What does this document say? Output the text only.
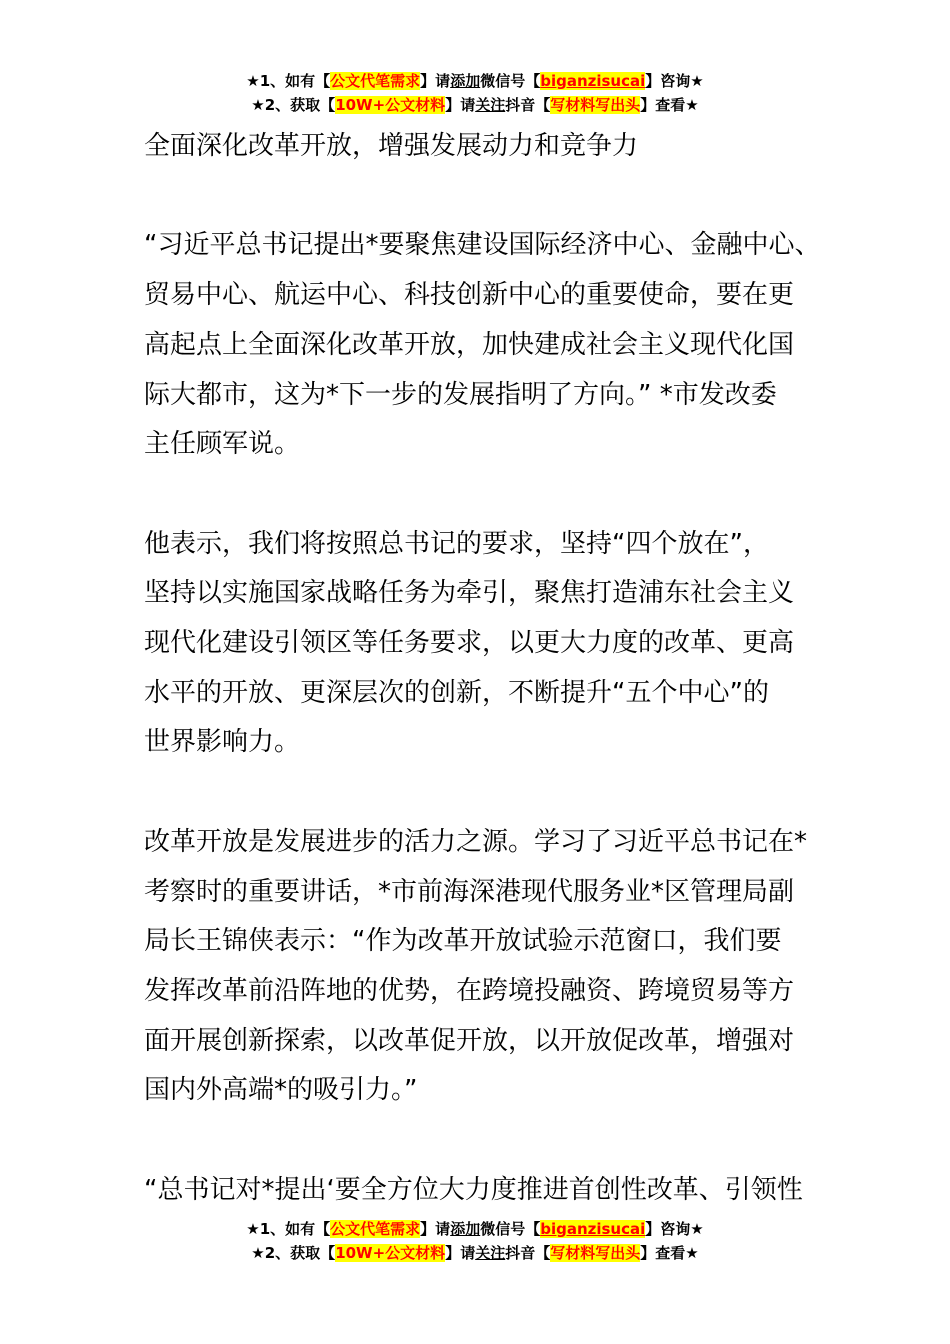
★1、如有【公文代笔需求】请添加微信号【biganzisucai】咨询★
★2、获取【10W+公文材料】请关注抖音【写材料写出头】查看★
全面深化改革开放，增强发展动力和竞争力
“习近平总书记提出*要聚焦建设国际经济中心、金融中心、
贸易中心、航运中心、科技创新中心的重要使命，要在更
高起点上全面深化改革开放，加快建成社会主义现代化国
际大都市，这为*下一步的发展指明了方向。” *市发改委
主任顾军说。
他表示，我们将按照总书记的要求，坚持“四个放在”，
坚持以实施国家战略任务为牵引，聚焦打造浦东社会主义
现代化建设引领区等任务要求，以更大力度的改革、更高
水平的开放、更深层次的创新，不断提升“五个中心”的
世界影响力。
改革开放是发展进步的活力之源。学习了习近平总书记在*
考察时的重要讲话，*市前海深港现代服务业*区管理局副
局长王锦侠表示：“作为改革开放试验示范窗口，我们要
发挥改革前沿阵地的优势，在跨境投融资、跨境贸易等方
面开展创新探索，以改革促开放，以开放促改革，增强对
国内外高端*的吸引力。”
“总书记对*提出‘要全方位大力度推进首创性改革、引领性
★1、如有【公文代笔需求】请添加微信号【biganzisucai】咨询★
★2、获取【10W+公文材料】请关注抖音【写材料写出头】查看★
